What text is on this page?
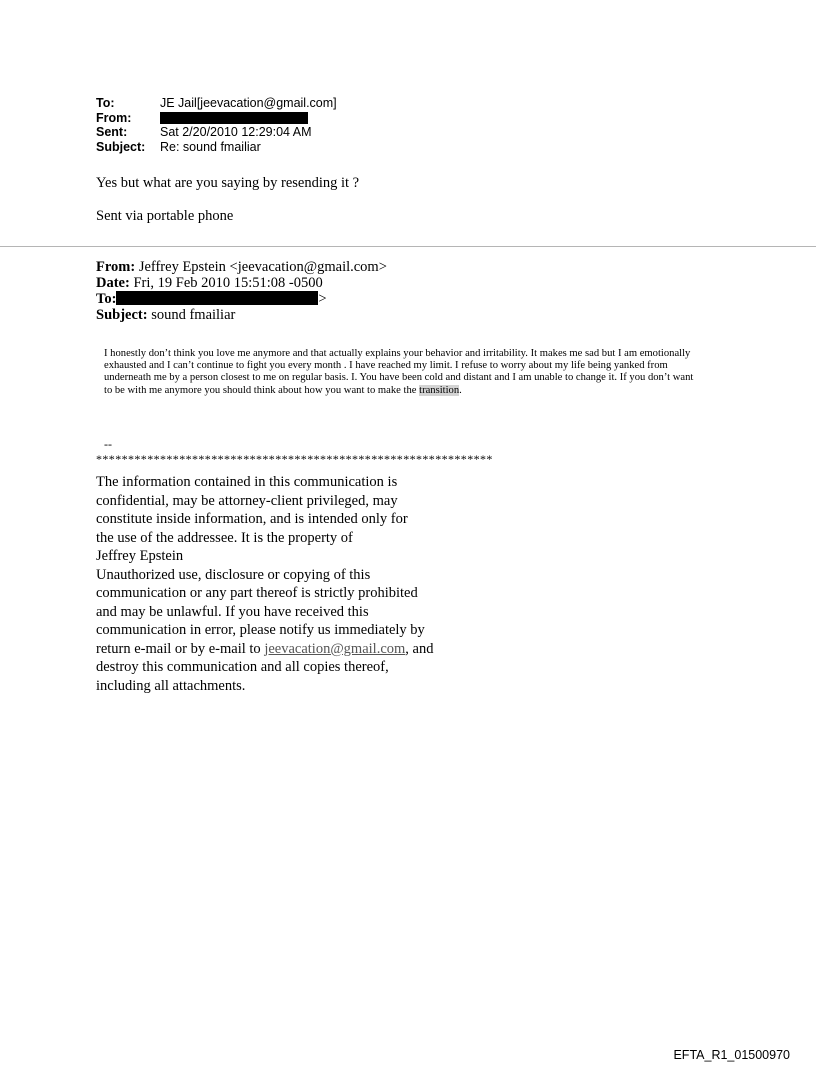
To:	JE Jail[jeevacation@gmail.com]
From:
Sent:	Sat 2/20/2010 12:29:04 AM
Subject:	Re: sound fmailiar
Yes but what are you saying by resending it ?
Sent via portable phone
From: Jeffrey Epstein <jeevacation@gmail.com>
Date: Fri, 19 Feb 2010 15:51:08 -0500
To:	>
Subject: sound fmailiar
I honestly don’t think you love me anymore and that actually explains your behavior and irritability. It makes me sad but I am emotionally exhausted and I can’t continue to fight you every month . I have reached my limit. I refuse to worry about my life being yanked from underneath me by a person closest to me on regular basis. I. You have been cold and distant and I am unable to change it. If you don’t want to be with me anymore you should think about how you want to make the transition.
--
**************************************************************
The information contained in this communication is
confidential, may be attorney-client privileged, may
constitute inside information, and is intended only for
the use of the addressee. It is the property of
Jeffrey Epstein
Unauthorized use, disclosure or copying of this
communication or any part thereof is strictly prohibited
and may be unlawful. If you have received this
communication in error, please notify us immediately by
return e-mail or by e-mail to jeevacation@gmail.com, and
destroy this communication and all copies thereof,
including all attachments.
EFTA_R1_01500970
